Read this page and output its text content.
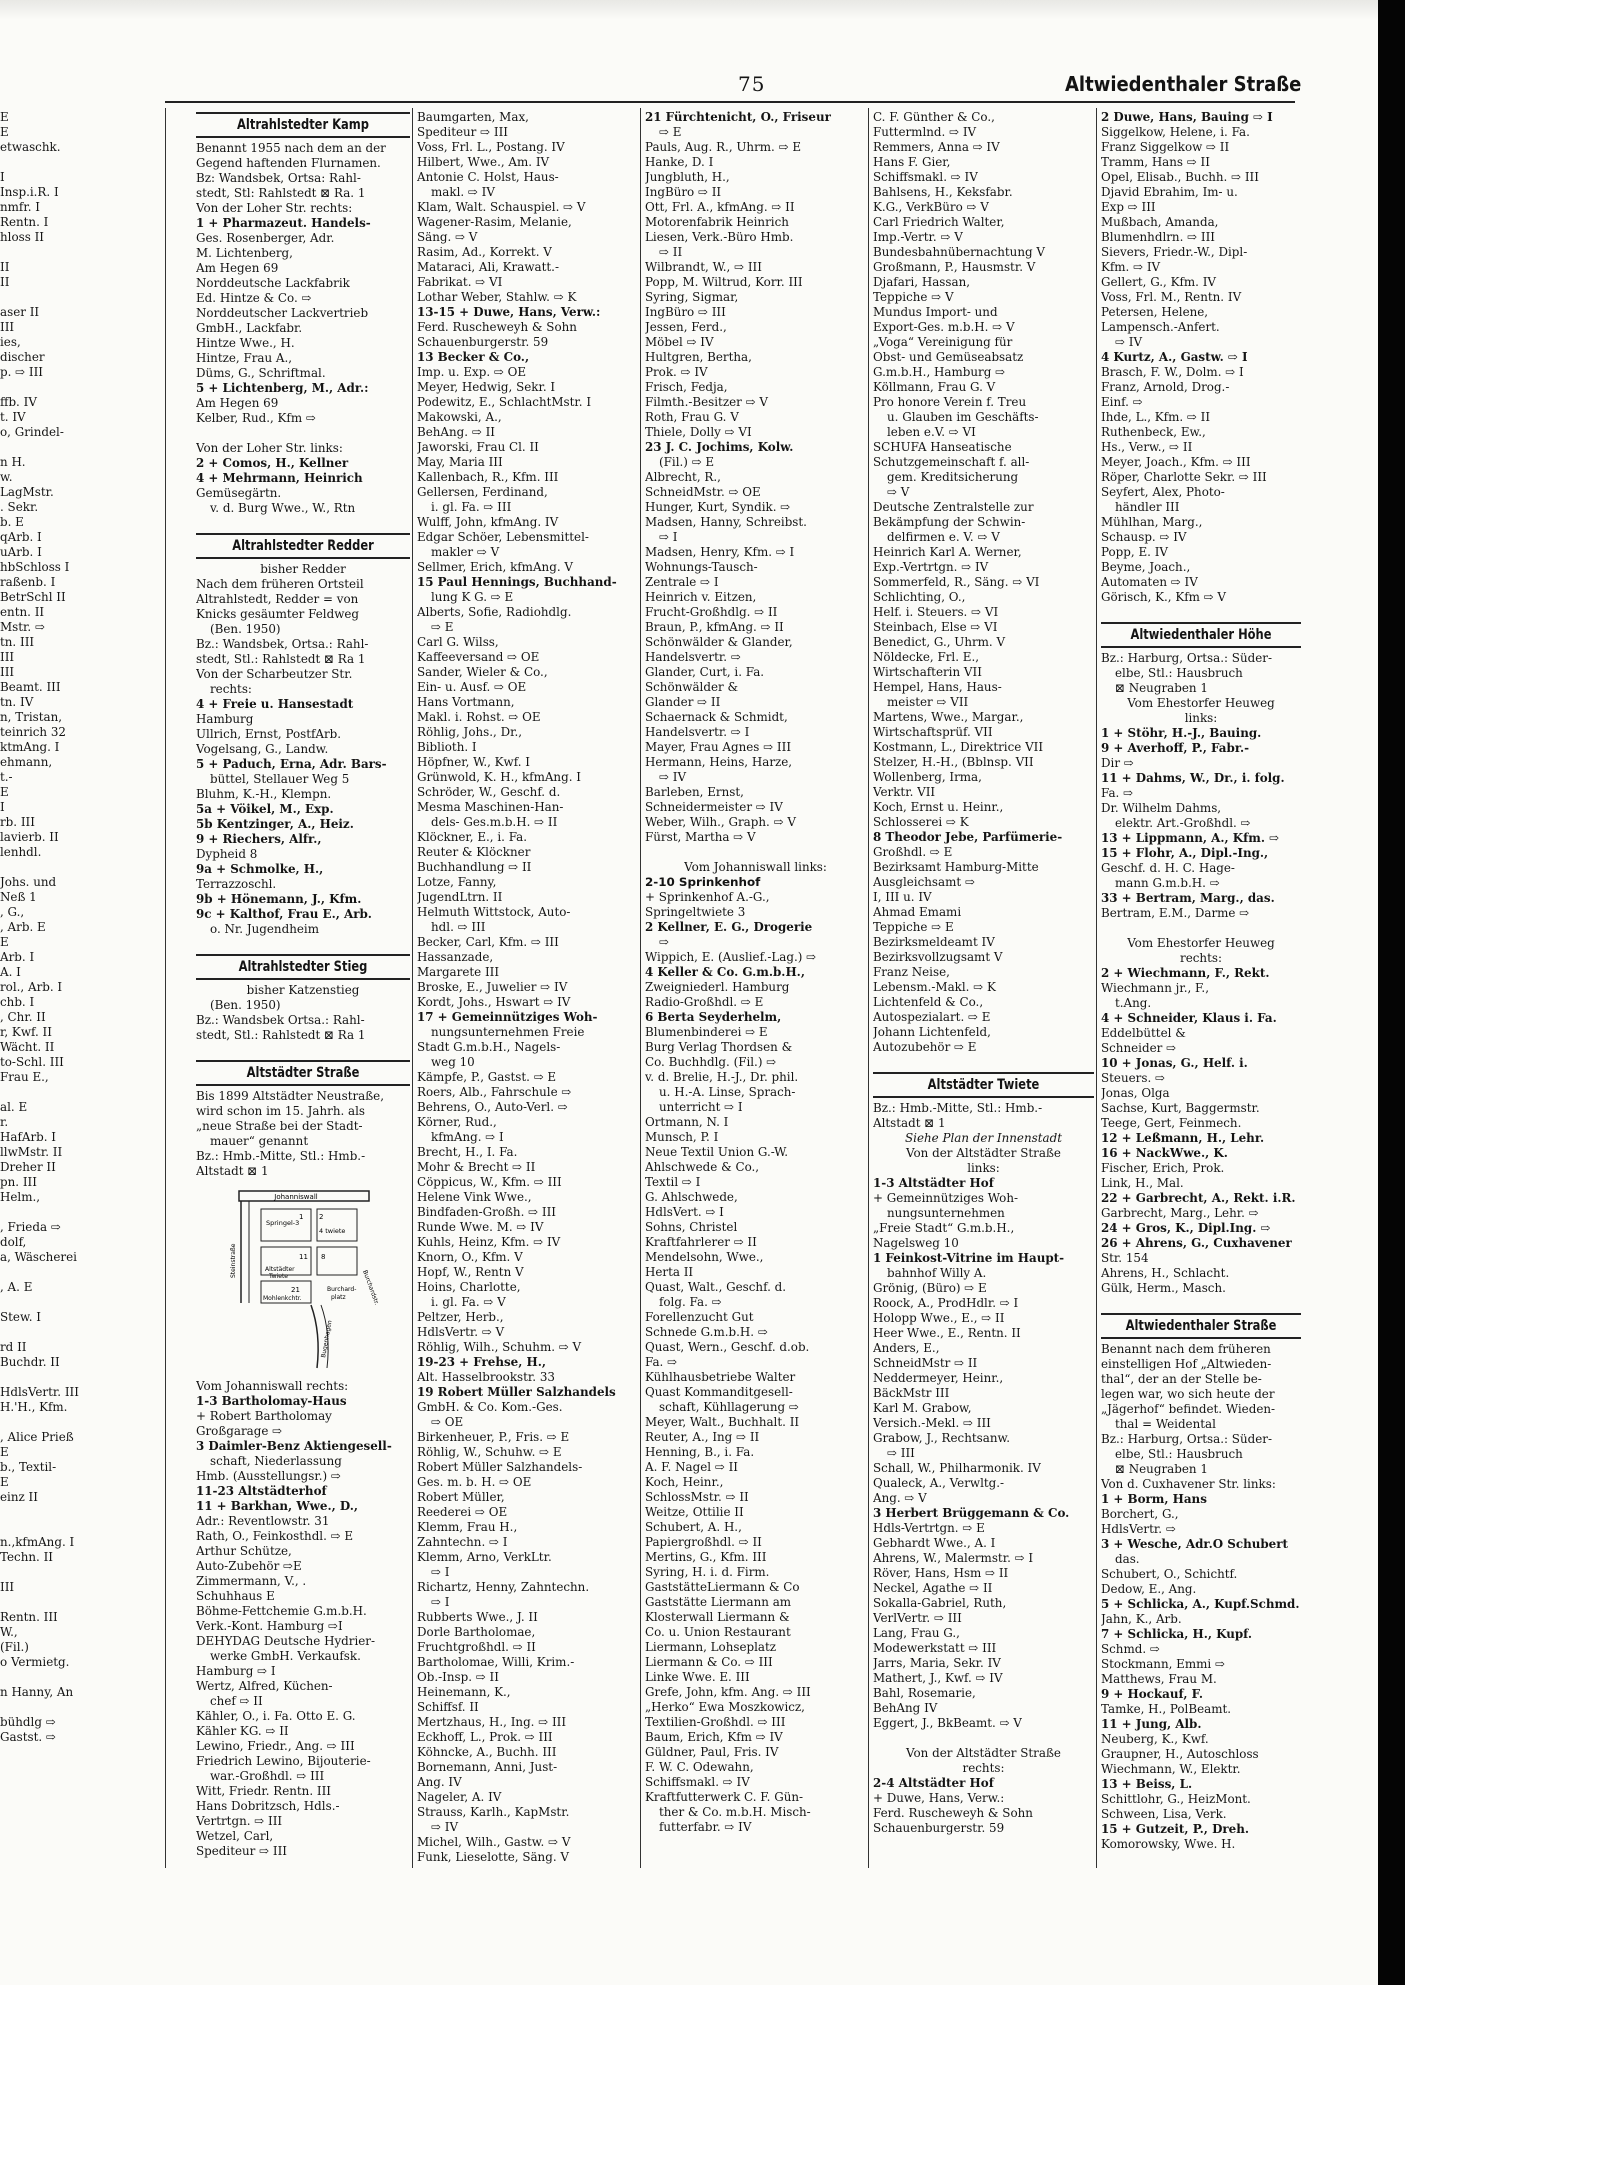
75	Altwiedenthaler Straße
E
E
etwaschk.

I
Insp.i.R. I
nmfr. I
Rentn. I
hloss II

II
II

aser II
III
ies,
discher
p. ⇨ III

ffb. IV
t. IV
o, Grindel-

n H.
w.
LagMstr.
. Sekr.
b. E
qArb. I
uArb. I
hbSchloss I
raßenb. I
BetrSchl II
entn. II
Mstr. ⇨
tn. III
III
III
Beamt. III
tn. IV
n, Tristan,
teinrich 32
ktmAng. I
ehmann,
t.-
E
I
rb. III
lavierb. II
lenhdl.

Johs. und
Neß 1
, G.,
, Arb. E
E
Arb. I
A. I
rol., Arb. I
chb. I
, Chr. II
r, Kwf. II
Wächt. II
to-Schl. III
Frau E.,

al. E
r.
HafArb. I
llwMstr. II
Dreher II
pn. III
Helm.,

, Frieda ⇨
dolf,
a, Wäscherei

, A. E

Stew. I

rd II
Buchdr. II

HdlsVertr. III
H.'H., Kfm.

, Alice Prieß
E
b., Textil-
E
einz II

n.,kfmAng. I
Techn. II

III

Rentn. III
W.,
(Fil.)
o Vermietg.

n Hanny, An

bühdlg ⇨
Gastst. ⇨
Altrahlstedter Kamp
Benannt 1955 nach dem an der
Gegend haftenden Flurnamen.
Bz: Wandsbek, Ortsa: Rahl-
stedt, Stl: Rahlstedt ⊠ Ra. 1
Von der Loher Str. rechts:
1 + Pharmazeut. Handels-
Ges. Rosenberger, Adr.
M. Lichtenberg,
Am Hegen 69
Norddeutsche Lackfabrik
Ed. Hintze & Co. ⇨
Norddeutscher Lackvertrieb
GmbH., Lackfabr.
Hintze Wwe., H.
Hintze, Frau A.,
Düms, G., Schriftmal.
5 + Lichtenberg, M., Adr.:
Am Hegen 69
Kelber, Rud., Kfm ⇨

Von der Loher Str. links:
2 + Comos, H., Kellner
4 + Mehrmann, Heinrich
Gemüsegärtn.
v. d. Burg Wwe., W., Rtn

Altrahlstedter Redder
bisher Redder
Nach dem früheren Ortsteil
Altrahlstedt, Redder = von
Knicks gesäumter Feldweg
(Ben. 1950)
Bz.: Wandsbek, Ortsa.: Rahl-
stedt, Stl.: Rahlstedt ⊠ Ra 1
Von der Scharbeutzer Str.
rechts:
4 + Freie u. Hansestadt
Hamburg
Ullrich, Ernst, PostfArb.
Vogelsang, G., Landw.
5 + Paduch, Erna, Adr. Bars-
büttel, Stellauer Weg 5
Bluhm, K.-H., Klempn.
5a + Vöikel, M., Exp.
5b Kentzinger, A., Heiz.
9 + Riechers, Alfr.,
Dypheid 8
9a + Schmolke, H.,
Terrazzoschl.
9b + Hönemann, J., Kfm.
9c + Kalthof, Frau E., Arb.
o. Nr. Jugendheim

Altrahlstedter Stieg
bisher Katzenstieg
(Ben. 1950)
Bz.: Wandsbek Ortsa.: Rahl-
stedt, Stl.: Rahlstedt ⊠ Ra 1

Altstädter Straße
Bis 1899 Altstädter Neustraße,
wird schon im 15. Jahrh. als
„neue Straße bei der Stadt-
mauer“ genannt
Bz.: Hmb.-Mitte, Stl.: Hmb.-
Altstadt ⊠ 1
Johanniswall
Springel-3
4 twiete
2
1
11 8
Altstädter
Twiete
21
Mohlenkchtr.
Burchard-
platz
Steinstraße
Burchardstr.
Bugenhagen
Vom Johanniswall rechts:
1-3 Bartholomay-Haus
+ Robert Bartholomay
Großgarage ⇨
3 Daimler-Benz Aktiengesell-
schaft, Niederlassung
Hmb. (Ausstellungsr.) ⇨
11-23 Altstädterhof
11 + Barkhan, Wwe., D.,
Adr.: Reventlowstr. 31
Rath, O., Feinkosthdl. ⇨ E
Arthur Schütze,
Auto-Zubehör ⇨E
Zimmermann, V., .
Schuhhaus E
Böhme-Fettchemie G.m.b.H.
Verk.-Kont. Hamburg ⇨I
DEHYDAG Deutsche Hydrier-
werke GmbH. Verkaufsk.
Hamburg ⇨ I
Wertz, Alfred, Küchen-
chef ⇨ II
Kähler, O., i. Fa. Otto E. G.
Kähler KG. ⇨ II
Lewino, Friedr., Ang. ⇨ III
Friedrich Lewino, Bijouterie-
war.-Großhdl. ⇨ III
Witt, Friedr. Rentn. III
Hans Dobritzsch, Hdls.-
Vertrtgn. ⇨ III
Wetzel, Carl,
Spediteur ⇨ III
Baumgarten, Max,
Spediteur ⇨ III
Voss, Frl. L., Postang. IV
Hilbert, Wwe., Am. IV
Antonie C. Holst, Haus-
makl. ⇨ IV
Klam, Walt. Schauspiel. ⇨ V
Wagener-Rasim, Melanie,
Säng. ⇨ V
Rasim, Ad., Korrekt. V
Mataraci, Ali, Krawatt.-
Fabrikat. ⇨ VI
Lothar Weber, Stahlw. ⇨ K
13-15 + Duwe, Hans, Verw.:
Ferd. Ruscheweyh & Sohn
Schauenburgerstr. 59
13 Becker & Co.,
Imp. u. Exp. ⇨ OE
Meyer, Hedwig, Sekr. I
Podewitz, E., SchlachtMstr. I
Makowski, A.,
BehAng. ⇨ II
Jaworski, Frau Cl. II
May, Maria III
Kallenbach, R., Kfm. III
Gellersen, Ferdinand,
i. gl. Fa. ⇨ III
Wulff, John, kfmAng. IV
Edgar Schöer, Lebensmittel-
makler ⇨ V
Sellmer, Erich, kfmAng. V
15 Paul Hennings, Buchhand-
lung K G. ⇨ E
Alberts, Sofie, Radiohdlg.
⇨ E
Carl G. Wilss,
Kaffeeversand ⇨ OE
Sander, Wieler & Co.,
Ein- u. Ausf. ⇨ OE
Hans Vortmann,
Makl. i. Rohst. ⇨ OE
Röhlig, Johs., Dr.,
Biblioth. I
Höpfner, W., Kwf. I
Grünwold, K. H., kfmAng. I
Schröder, W., Geschf. d.
Mesma Maschinen-Han-
dels- Ges.m.b.H. ⇨ II
Klöckner, E., i. Fa.
Reuter & Klöckner
Buchhandlung ⇨ II
Lotze, Fanny,
JugendLtrn. II
Helmuth Wittstock, Auto-
hdl. ⇨ III
Becker, Carl, Kfm. ⇨ III
Hassanzade,
Margarete III
Broske, E., Juwelier ⇨ IV
Kordt, Johs., Hswart ⇨ IV
17 + Gemeinnütziges Woh-
nungsunternehmen Freie
Stadt G.m.b.H., Nagels-
weg 10
Kämpfe, P., Gastst. ⇨ E
Roers, Alb., Fahrschule ⇨
Behrens, O., Auto-Verl. ⇨
Körner, Rud.,
kfmAng. ⇨ I
Brecht, H., I. Fa.
Mohr & Brecht ⇨ II
Cöppicus, W., Kfm. ⇨ III
Helene Vink Wwe.,
Bindfaden-Großh. ⇨ III
Runde Wwe. M. ⇨ IV
Kuhls, Heinz, Kfm. ⇨ IV
Knorn, O., Kfm. V
Hopf, W., Rentn V
Hoins, Charlotte,
i. gl. Fa. ⇨ V
Peltzer, Herb.,
HdlsVertr. ⇨ V
Röhlig, Wilh., Schuhm. ⇨ V
19-23 + Frehse, H.,
Alt. Hasselbrookstr. 33
19 Robert Müller Salzhandels
GmbH. & Co. Kom.-Ges.
⇨ OE
Birkenheuer, P., Fris. ⇨ E
Röhlig, W., Schuhw. ⇨ E
Robert Müller Salzhandels-
Ges. m. b. H. ⇨ OE
Robert Müller,
Reederei ⇨ OE
Klemm, Frau H.,
Zahntechn. ⇨ I
Klemm, Arno, VerkLtr.
⇨ I
Richartz, Henny, Zahntechn.
⇨ I
Rubberts Wwe., J. II
Dorle Bartholomae,
Fruchtgroßhdl. ⇨ II
Bartholomae, Willi, Krim.-
Ob.-Insp. ⇨ II
Heinemann, K.,
Schiffsf. II
Mertzhaus, H., Ing. ⇨ III
Eckhoff, L., Prok. ⇨ III
Köhncke, A., Buchh. III
Bornemann, Anni, Just-
Ang. IV
Nageler, A. IV
Strauss, Karlh., KapMstr.
⇨ IV
Michel, Wilh., Gastw. ⇨ V
Funk, Lieselotte, Säng. V
21 Fürchtenicht, O., Friseur
⇨ E
Pauls, Aug. R., Uhrm. ⇨ E
Hanke, D. I
Jungbluth, H.,
IngBüro ⇨ II
Ott, Frl. A., kfmAng. ⇨ II
Motorenfabrik Heinrich
Liesen, Verk.-Büro Hmb.
⇨ II
Wilbrandt, W., ⇨ III
Popp, M. Wiltrud, Korr. III
Syring, Sigmar,
IngBüro ⇨ III
Jessen, Ferd.,
Möbel ⇨ IV
Hultgren, Bertha,
Prok. ⇨ IV
Frisch, Fedja,
Filmth.-Besitzer ⇨ V
Roth, Frau G. V
Thiele, Dolly ⇨ VI
23 J. C. Jochims, Kolw.
(Fil.) ⇨ E
Albrecht, R.,
SchneidMstr. ⇨ OE
Hunger, Kurt, Syndik. ⇨
Madsen, Hanny, Schreibst.
⇨ I
Madsen, Henry, Kfm. ⇨ I
Wohnungs-Tausch-
Zentrale ⇨ I
Heinrich v. Eitzen,
Frucht-Großhdlg. ⇨ II
Braun, P., kfmAng. ⇨ II
Schönwälder & Glander,
Handelsvertr. ⇨
Glander, Curt, i. Fa.
Schönwälder &
Glander ⇨ II
Schaernack & Schmidt,
Handelsvertr. ⇨ I
Mayer, Frau Agnes ⇨ III
Hermann, Heins, Harze,
⇨ IV
Barleben, Ernst,
Schneidermeister ⇨ IV
Weber, Wilh., Graph. ⇨ V
Fürst, Martha ⇨ V

Vom Johanniswall links:
2-10 Sprinkenhof
+ Sprinkenhof A.-G.,
Springeltwiete 3
2 Kellner, E. G., Drogerie
⇨
Wippich, E. (Auslief.-Lag.) ⇨
4 Keller & Co. G.m.b.H.,
Zweigniederl. Hamburg
Radio-Großhdl. ⇨ E
6 Berta Seyderhelm,
Blumenbinderei ⇨ E
Burg Verlag Thordsen &
Co. Buchhdlg. (Fil.) ⇨
v. d. Brelie, H.-J., Dr. phil.
u. H.-A. Linse, Sprach-
unterricht ⇨ I
Ortmann, N. I
Munsch, P. I
Neue Textil Union G.-W.
Ahlschwede & Co.,
Textil ⇨ I
G. Ahlschwede,
HdlsVert. ⇨ I
Sohns, Christel
Kraftfahrlerer ⇨ II
Mendelsohn, Wwe.,
Herta II
Quast, Walt., Geschf. d.
folg. Fa. ⇨
Forellenzucht Gut
Schnede G.m.b.H. ⇨
Quast, Wern., Geschf. d.ob.
Fa. ⇨
Kühlhausbetriebe Walter
Quast Kommanditgesell-
schaft, Kühllagerung ⇨
Meyer, Walt., Buchhalt. II
Reuter, A., Ing ⇨ II
Henning, B., i. Fa.
A. F. Nagel ⇨ II
Koch, Heinr.,
SchlossMstr. ⇨ II
Weitze, Ottilie II
Schubert, A. H.,
Papiergroßhdl. ⇨ II
Mertins, G., Kfm. III
Syring, H. i. d. Firm.
GaststätteLiermann & Co
Gaststätte Liermann am
Klosterwall Liermann &
Co. u. Union Restaurant
Liermann, Lohseplatz
Liermann & Co. ⇨ III
Linke Wwe. E. III
Grefe, John, kfm. Ang. ⇨ III
„Herko“ Ewa Moszkowicz,
Textilien-Großhdl. ⇨ III
Baum, Erich, Kfm ⇨ IV
Güldner, Paul, Fris. IV
F. W. C. Odewahn,
Schiffsmakl. ⇨ IV
Kraftfutterwerk C. F. Gün-
ther & Co. m.b.H. Misch-
futterfabr. ⇨ IV
C. F. Günther & Co.,
Futtermlnd. ⇨ IV
Remmers, Anna ⇨ IV
Hans F. Gier,
Schiffsmakl. ⇨ IV
Bahlsens, H., Keksfabr.
K.G., VerkBüro ⇨ V
Carl Friedrich Walter,
Imp.-Vertr. ⇨ V
Bundesbahnübernachtung V
Großmann, P., Hausmstr. V
Djafari, Hassan,
Teppiche ⇨ V
Mundus Import- und
Export-Ges. m.b.H. ⇨ V
„Voga“ Vereinigung für
Obst- und Gemüseabsatz
G.m.b.H., Hamburg ⇨
Köllmann, Frau G. V
Pro honore Verein f. Treu
u. Glauben im Geschäfts-
leben e.V. ⇨ VI
SCHUFA Hanseatische
Schutzgemeinschaft f. all-
gem. Kreditsicherung
⇨ V
Deutsche Zentralstelle zur
Bekämpfung der Schwin-
delfirmen e. V. ⇨ V
Heinrich Karl A. Werner,
Exp.-Vertrtgn. ⇨ IV
Sommerfeld, R., Säng. ⇨ VI
Schlichting, O.,
Helf. i. Steuers. ⇨ VI
Steinbach, Else ⇨ VI
Benedict, G., Uhrm. V
Nöldecke, Frl. E.,
Wirtschafterin VII
Hempel, Hans, Haus-
meister ⇨ VII
Martens, Wwe., Margar.,
Wirtschaftsprüf. VII
Kostmann, L., Direktrice VII
Stelzer, H.-H., (Bblnsp. VII
Wollenberg, Irma,
Verktr. VII
Koch, Ernst u. Heinr.,
Schlosserei ⇨ K
8 Theodor Jebe, Parfümerie-
Großhdl. ⇨ E
Bezirksamt Hamburg-Mitte
Ausgleichsamt ⇨
I, III u. IV
Ahmad Emami
Teppiche ⇨ E
Bezirksmeldeamt IV
Bezirksvollzugsamt V
Franz Neise,
Lebensm.-Makl. ⇨ K
Lichtenfeld & Co.,
Autospezialart. ⇨ E
Johann Lichtenfeld,
Autozubehör ⇨ E

Altstädter Twiete
Bz.: Hmb.-Mitte, Stl.: Hmb.-
Altstadt ⊠ 1
Siehe Plan der Innenstadt
Von der Altstädter Straße
links:
1-3 Altstädter Hof
+ Gemeinnütziges Woh-
nungsunternehmen
„Freie Stadt“ G.m.b.H.,
Nagelsweg 10
1 Feinkost-Vitrine im Haupt-
bahnhof Willy A.
Grönig, (Büro) ⇨ E
Roock, A., ProdHdlr. ⇨ I
Holopp Wwe., E., ⇨ II
Heer Wwe., E., Rentn. II
Anders, E.,
SchneidMstr ⇨ II
Neddermeyer, Heinr.,
BäckMstr III
Karl M. Grabow,
Versich.-Mekl. ⇨ III
Grabow, J., Rechtsanw.
⇨ III
Schall, W., Philharmonik. IV
Qualeck, A., Verwltg.-
Ang. ⇨ V
3 Herbert Brüggemann & Co.
Hdls-Vertrtgn. ⇨ E
Gebhardt Wwe., A. I
Ahrens, W., Malermstr. ⇨ I
Röver, Hans, Hsm ⇨ II
Neckel, Agathe ⇨ II
Sokalla-Gabriel, Ruth,
VerlVertr. ⇨ III
Lang, Frau G.,
Modewerkstatt ⇨ III
Jarrs, Maria, Sekr. IV
Mathert, J., Kwf. ⇨ IV
Bahl, Rosemarie,
BehAng IV
Eggert, J., BkBeamt. ⇨ V

Von der Altstädter Straße
rechts:
2-4 Altstädter Hof
+ Duwe, Hans, Verw.:
Ferd. Ruscheweyh & Sohn
Schauenburgerstr. 59
2 Duwe, Hans, Bauing ⇨ I
Siggelkow, Helene, i. Fa.
Franz Siggelkow ⇨ II
Tramm, Hans ⇨ II
Opel, Elisab., Buchh. ⇨ III
Djavid Ebrahim, Im- u.
Exp ⇨ III
Mußbach, Amanda,
Blumenhdlrn. ⇨ III
Sievers, Friedr.-W., Dipl-
Kfm. ⇨ IV
Gellert, G., Kfm. IV
Voss, Frl. M., Rentn. IV
Petersen, Helene,
Lampensch.-Anfert.
⇨ IV
4 Kurtz, A., Gastw. ⇨ I
Brasch, F. W., Dolm. ⇨ I
Franz, Arnold, Drog.-
Einf. ⇨
Ihde, L., Kfm. ⇨ II
Ruthenbeck, Ew.,
Hs., Verw., ⇨ II
Meyer, Joach., Kfm. ⇨ III
Röper, Charlotte Sekr. ⇨ III
Seyfert, Alex, Photo-
händler III
Mühlhan, Marg.,
Schausp. ⇨ IV
Popp, E. IV
Beyme, Joach.,
Automaten ⇨ IV
Görisch, K., Kfm ⇨ V

Altwiedenthaler Höhe
Bz.: Harburg, Ortsa.: Süder-
elbe, Stl.: Hausbruch
⊠ Neugraben 1
Vom Ehestorfer Heuweg
links:
1 + Stöhr, H.-J., Bauing.
9 + Averhoff, P., Fabr.-
Dir ⇨
11 + Dahms, W., Dr., i. folg.
Fa. ⇨
Dr. Wilhelm Dahms,
elektr. Art.-Großhdl. ⇨
13 + Lippmann, A., Kfm. ⇨
15 + Flohr, A., Dipl.-Ing.,
Geschf. d. H. C. Hage-
mann G.m.b.H. ⇨
33 + Bertram, Marg., das.
Bertram, E.M., Darme ⇨

Vom Ehestorfer Heuweg
rechts:
2 + Wiechmann, F., Rekt.
Wiechmann jr., F.,
t.Ang.
4 + Schneider, Klaus i. Fa.
Eddelbüttel &
Schneider ⇨
10 + Jonas, G., Helf. i.
Steuers. ⇨
Jonas, Olga
Sachse, Kurt, Baggermstr.
Teege, Gert, Feinmech.
12 + Leßmann, H., Lehr.
16 + NackWwe., K.
Fischer, Erich, Prok.
Link, H., Mal.
22 + Garbrecht, A., Rekt. i.R.
Garbrecht, Marg., Lehr. ⇨
24 + Gros, K., Dipl.Ing. ⇨
26 + Ahrens, G., Cuxhavener
Str. 154
Ahrens, H., Schlacht.
Gülk, Herm., Masch.

Altwiedenthaler Straße
Benannt nach dem früheren
einstelligen Hof „Altwieden-
thal“, der an der Stelle be-
legen war, wo sich heute der
„Jägerhof“ befindet. Wieden-
thal = Weidental
Bz.: Harburg, Ortsa.: Süder-
elbe, Stl.: Hausbruch
⊠ Neugraben 1
Von d. Cuxhavener Str. links:
1 + Borm, Hans
Borchert, G.,
HdlsVertr. ⇨
3 + Wesche, Adr.O Schubert
das.
Schubert, O., Schichtf.
Dedow, E., Ang.
5 + Schlicka, A., Kupf.Schmd.
Jahn, K., Arb.
7 + Schlicka, H., Kupf.
Schmd. ⇨
Stockmann, Emmi ⇨
Matthews, Frau M.
9 + Hockauf, F.
Tamke, H., PolBeamt.
11 + Jung, Alb.
Neuberg, K., Kwf.
Graupner, H., Autoschloss
Wiechmann, W., Elektr.
13 + Beiss, L.
Schittlohr, G., HeizMont.
Schween, Lisa, Verk.
15 + Gutzeit, P., Dreh.
Komorowsky, Wwe. H.
